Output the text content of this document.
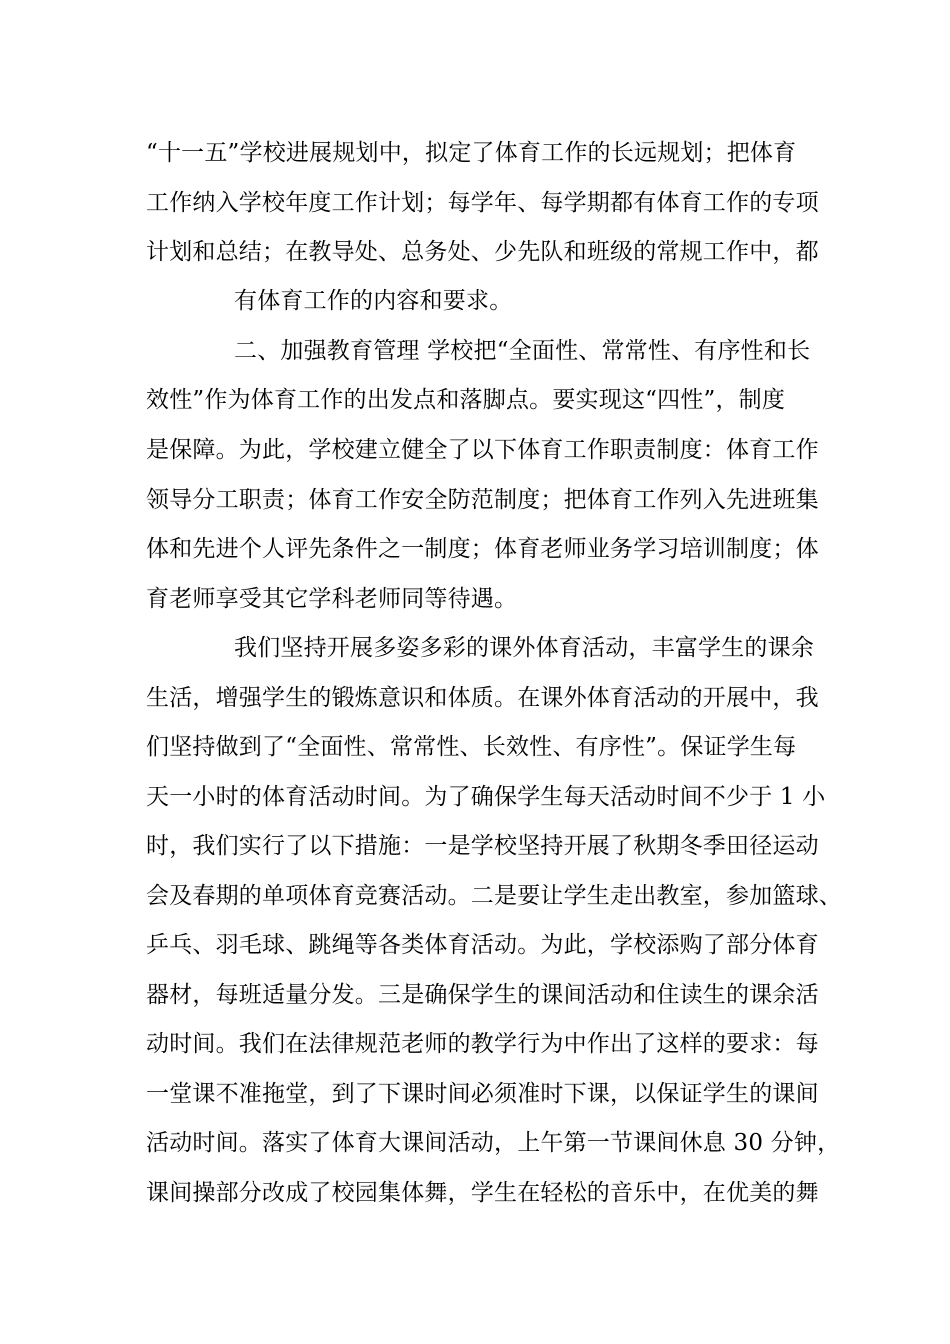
“十一五”学校进展规划中，拟定了体育工作的长远规划；把体育
工作纳入学校年度工作计划；每学年、每学期都有体育工作的专项
计划和总结；在教导处、总务处、少先队和班级的常规工作中，都
有体育工作的内容和要求。
二、加强教育管理 学校把“全面性、常常性、有序性和长
效性”作为体育工作的出发点和落脚点。要实现这“四性”，制度
是保障。为此，学校建立健全了以下体育工作职责制度：体育工作
领导分工职责；体育工作安全防范制度；把体育工作列入先进班集
体和先进个人评先条件之一制度；体育老师业务学习培训制度；体
育老师享受其它学科老师同等待遇。
我们坚持开展多姿多彩的课外体育活动，丰富学生的课余
生活，增强学生的锻炼意识和体质。在课外体育活动的开展中，我
们坚持做到了“全面性、常常性、长效性、有序性”。保证学生每
天一小时的体育活动时间。为了确保学生每天活动时间不少于 1 小
时，我们实行了以下措施：一是学校坚持开展了秋期冬季田径运动
会及春期的单项体育竞赛活动。二是要让学生走出教室，参加篮球、
乒乓、羽毛球、跳绳等各类体育活动。为此，学校添购了部分体育
器材，每班适量分发。三是确保学生的课间活动和住读生的课余活
动时间。我们在法律规范老师的教学行为中作出了这样的要求：每
一堂课不准拖堂，到了下课时间必须准时下课，以保证学生的课间
活动时间。落实了体育大课间活动，上午第一节课间休息 30 分钟，
课间操部分改成了校园集体舞，学生在轻松的音乐中，在优美的舞
